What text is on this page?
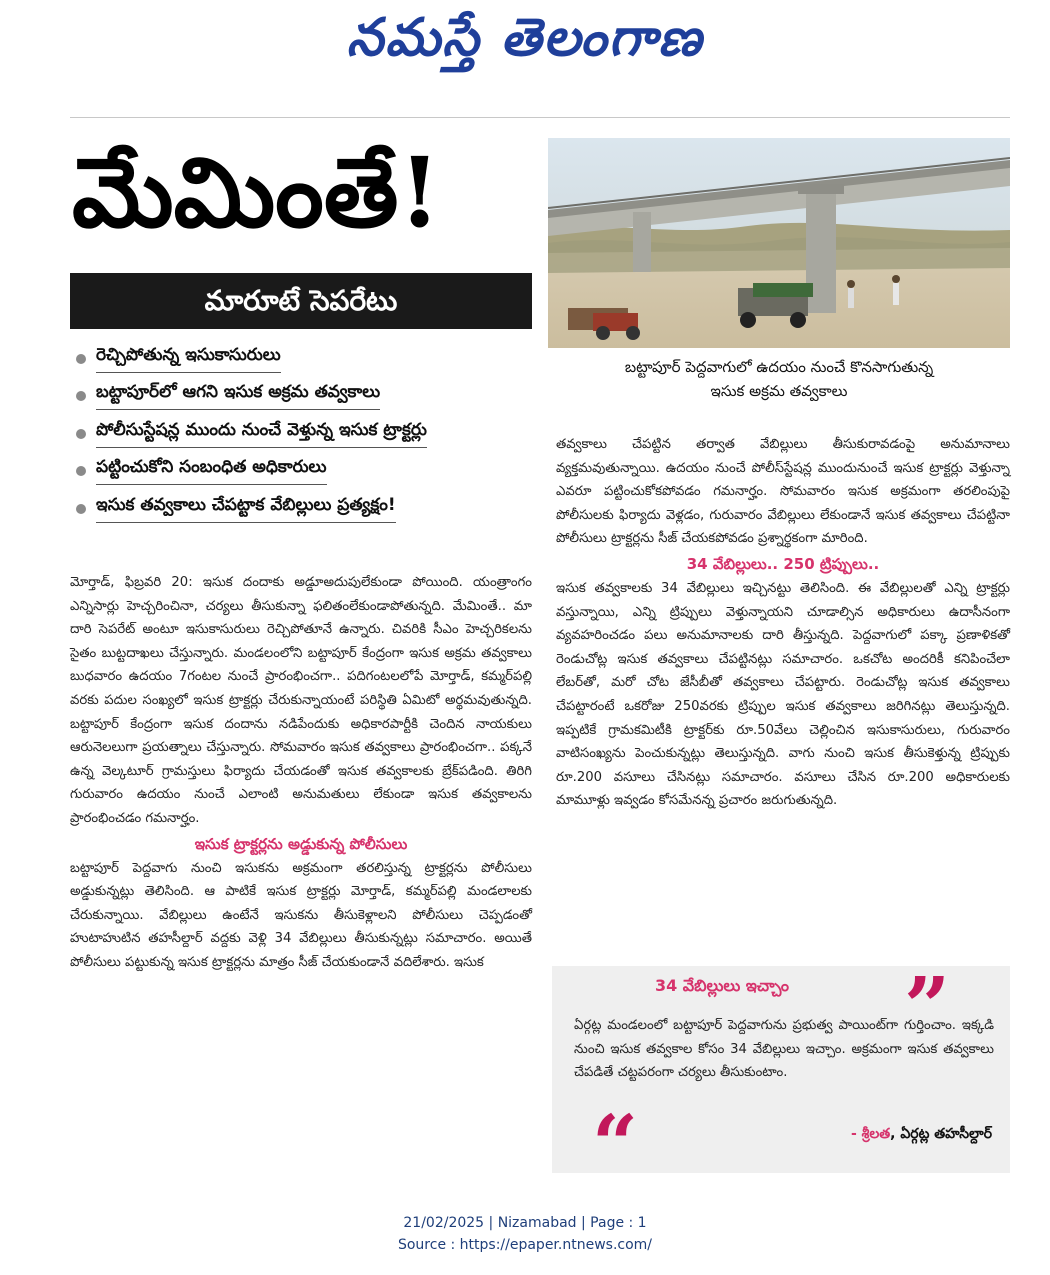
నమస్తే తెలంగాణ
మేమింతే!
మారూటే సెపరేటు
రెచ్చిపోతున్న ఇసుకాసురులు
బట్టాపూర్‌లో ఆగని ఇసుక అక్రమ తవ్వకాలు
పోలీసుస్టేషన్ల ముందు నుంచే వెళ్తున్న ఇసుక ట్రాక్టర్లు
పట్టించుకోని సంబంధిత అధికారులు
ఇసుక తవ్వకాలు చేపట్టాక వేబిల్లులు ప్రత్యక్షం!
బట్టాపూర్ పెద్దవాగులో ఉదయం నుంచే కొనసాగుతున్న
ఇసుక అక్రమ తవ్వకాలు

మోర్తాడ్, ఫిబ్రవరి 20: ఇసుక దందాకు అడ్డూఅదుపులేకుండా పోయింది. యంత్రాంగం ఎన్నిసార్లు హెచ్చరించినా, చర్యలు తీసుకున్నా ఫలితంలేకుండాపోతున్నది. మేమింతే.. మా దారి సెపరేట్ అంటూ ఇసుకాసురులు రెచ్చిపోతూనే ఉన్నారు. చివరికి సీఎం హెచ్చరికలను సైతం బుట్టదాఖలు చేస్తున్నారు. మండలంలోని బట్టాపూర్ కేంద్రంగా ఇసుక అక్రమ తవ్వకాలు బుధవారం ఉదయం 7గంటల నుంచే ప్రారంభించగా.. పదిగంటలలోపే మోర్తాడ్, కమ్మర్‌పల్లి వరకు పదుల సంఖ్యలో ఇసుక ట్రాక్టర్లు చేరుకున్నాయంటే పరిస్థితి ఏమిటో అర్థమవుతున్నది. బట్టాపూర్ కేంద్రంగా ఇసుక దందాను నడిపేందుకు అధికారపార్టీకి చెందిన నాయకులు ఆరునెలలుగా ప్రయత్నాలు చేస్తున్నారు. సోమవారం ఇసుక తవ్వకాలు ప్రారంభించగా.. పక్కనే ఉన్న వెల్కటూర్ గ్రామస్తులు ఫిర్యాదు చేయడంతో ఇసుక తవ్వకాలకు బ్రేక్‌పడింది. తిరిగి గురువారం ఉదయం నుంచే ఎలాంటి అనుమతులు లేకుండా ఇసుక తవ్వకాలను ప్రారంభించడం గమనార్హం.

ఇసుక ట్రాక్టర్లను అడ్డుకున్న పోలీసులు

బట్టాపూర్ పెద్దవాగు నుంచి ఇసుకను అక్రమంగా తరలిస్తున్న ట్రాక్టర్లను పోలీసులు అడ్డుకున్నట్లు తెలిసింది. ఆ పాటికే ఇసుక ట్రాక్టర్లు మోర్తాడ్, కమ్మర్‌పల్లి మండలాలకు చేరుకున్నాయి. వేబిల్లులు ఉంటేనే ఇసుకను తీసుకెళ్లాలని పోలీసులు చెప్పడంతో హుటాహుటిన తహసీల్దార్ వద్దకు వెళ్లి 34 వేబిల్లులు తీసుకున్నట్లు సమాచారం. అయితే పోలీసులు పట్టుకున్న ఇసుక ట్రాక్టర్లను మాత్రం సీజ్ చేయకుండానే వదిలేశారు. ఇసుక

తవ్వకాలు చేపట్టిన తర్వాత వేబిల్లులు తీసుకురావడంపై అనుమానాలు వ్యక్తమవుతున్నాయి. ఉదయం నుంచే పోలీస్‌స్టేషన్ల ముందునుంచే ఇసుక ట్రాక్టర్లు వెళ్తున్నా ఎవరూ పట్టించుకోకపోవడం గమనార్హం. సోమవారం ఇసుక అక్రమంగా తరలింపుపై పోలీసులకు ఫిర్యాదు వెళ్లడం, గురువారం వేబిల్లులు లేకుండానే ఇసుక తవ్వకాలు చేపట్టినా పోలీసులు ట్రాక్టర్లను సీజ్ చేయకపోవడం ప్రశ్నార్థకంగా మారింది.

34 వేబిల్లులు.. 250 ట్రిప్పులు..

ఇసుక తవ్వకాలకు 34 వేబిల్లులు ఇచ్చినట్టు తెలిసింది. ఈ వేబిల్లులతో ఎన్ని ట్రాక్టర్లు వస్తున్నాయి, ఎన్ని ట్రిప్పులు వెళ్తున్నాయని చూడాల్సిన అధికారులు ఉదాసీనంగా వ్యవహరించడం పలు అనుమానాలకు దారి తీస్తున్నది. పెద్దవాగులో పక్కా ప్రణాళికతో రెండుచోట్ల ఇసుక తవ్వకాలు చేపట్టినట్లు సమాచారం. ఒకచోట అందరికీ కనిపించేలా లేబర్‌తో, మరో చోట జేసీబీతో తవ్వకాలు చేపట్టారు. రెండుచోట్ల ఇసుక తవ్వకాలు చేపట్టారంటే ఒకరోజు 250వరకు ట్రిప్పుల ఇసుక తవ్వకాలు జరిగినట్లు తెలుస్తున్నది. ఇప్పటికే గ్రామకమిటీకి ట్రాక్టర్‌కు రూ.50వేలు చెల్లించిన ఇసుకాసురులు, గురువారం వాటిసంఖ్యను పెంచుకున్నట్లు తెలుస్తున్నది. వాగు నుంచి ఇసుక తీసుకెళ్తున్న ట్రిప్పుకు రూ.200 వసూలు చేసినట్లు సమాచారం. వసూలు చేసిన రూ.200 అధికారులకు మామూళ్లు ఇవ్వడం కోసమేనన్న ప్రచారం జరుగుతున్నది.

34 వేబిల్లులు ఇచ్చాం	”
ఏర్గట్ల మండలంలో బట్టాపూర్ పెద్దవాగును ప్రభుత్వ పాయింట్‌గా గుర్తించాం. ఇక్కడి నుంచి ఇసుక తవ్వకాల కోసం 34 వేబిల్లులు ఇచ్చాం. అక్రమంగా ఇసుక తవ్వకాలు చేపడితే చట్టపరంగా చర్యలు తీసుకుంటాం.
“	- శ్రీలత, ఏర్గట్ల తహసీల్దార్
21/02/2025 | Nizamabad | Page : 1
Source : https://epaper.ntnews.com/
